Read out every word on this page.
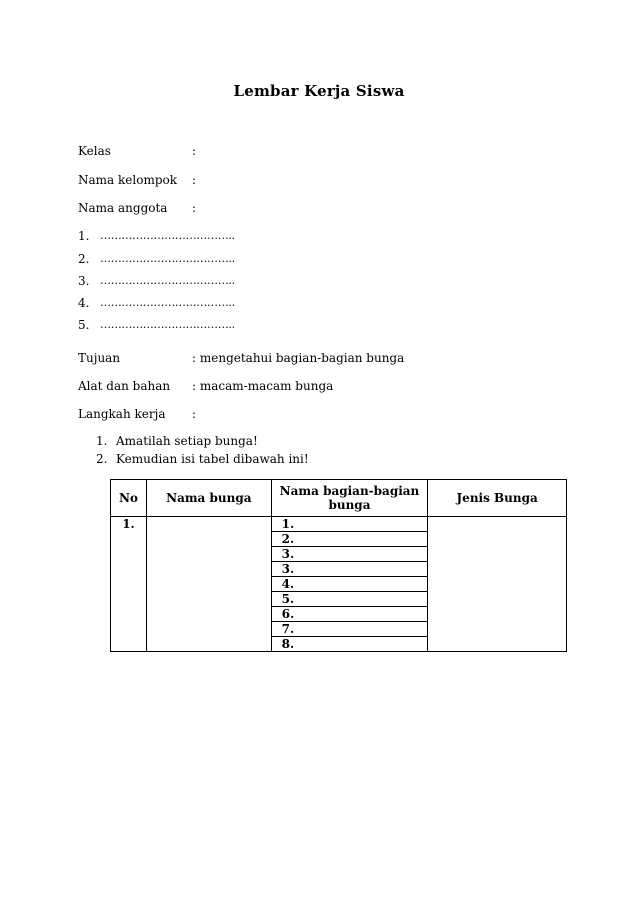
Lembar Kerja Siswa
Kelas	:
Nama kelompok :
Nama anggota :
1. ………………………………..
2. ………………………………..
3. ………………………………..
4. ………………………………..
5. ………………………………..
Tujuan	: mengetahui bagian-bagian bunga
Alat dan bahan : macam-macam bunga
Langkah kerja :
1. Amatilah setiap bunga!
2. Kemudian isi tabel dibawah ini!
No	Nama bunga	Nama bagian-bagian bunga	Jenis Bunga
1.		1.	
		2.	
		3.	
		3.	
		4.	
		5.	
		6.	
		7.	
		8.	
